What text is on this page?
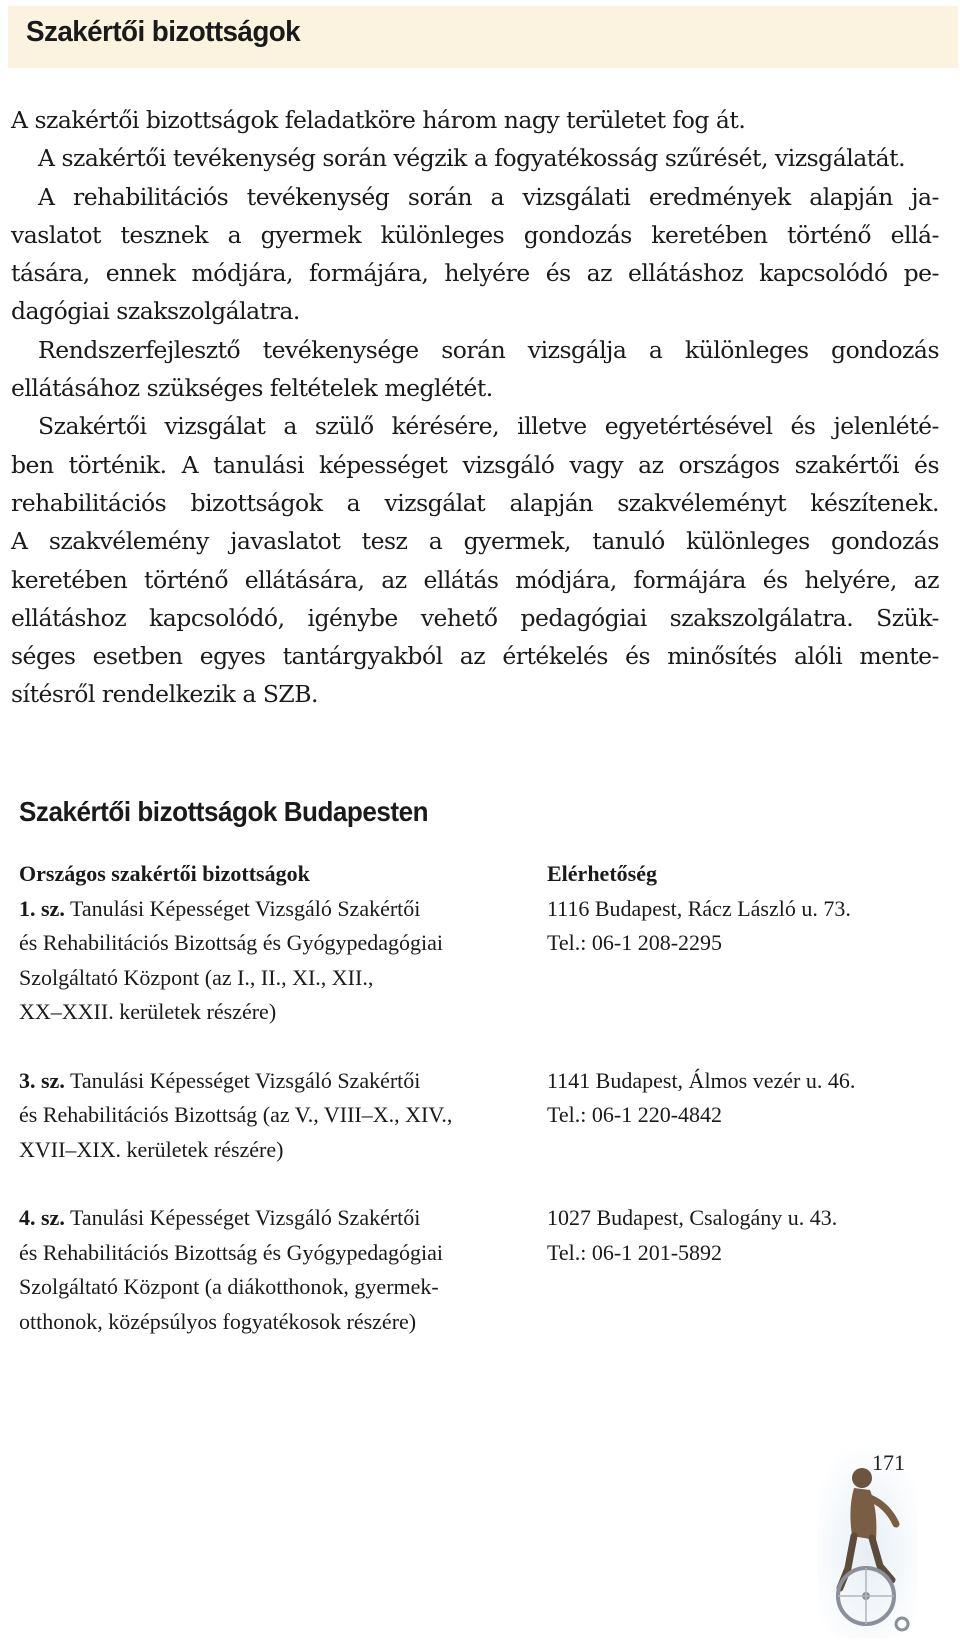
Szakértői bizottságok

A szakértői bizottságok feladatköre három nagy területet fog át.

A szakértői tevékenység során végzik a fogyatékosság szűrését, vizsgálatát.

A rehabilitációs tevékenység során a vizsgálati eredmények alapján ja-
vaslatot tesznek a gyermek különleges gondozás keretében történő ellá-
tására, ennek módjára, formájára, helyére és az ellátáshoz kapcsolódó pe-
dagógiai szakszolgálatra.

Rendszerfejlesztő tevékenysége során vizsgálja a különleges gondozás
ellátásához szükséges feltételek meglétét.

Szakértői vizsgálat a szülő kérésére, illetve egyetértésével és jelenlété-
ben történik. A tanulási képességet vizsgáló vagy az országos szakértői és
rehabilitációs bizottságok a vizsgálat alapján szakvéleményt készítenek.
A szakvélemény javaslatot tesz a gyermek, tanuló különleges gondozás
keretében történő ellátására, az ellátás módjára, formájára és helyére, az
ellátáshoz kapcsolódó, igénybe vehető pedagógiai szakszolgálatra. Szük-
séges esetben egyes tantárgyakból az értékelés és minősítés alóli mente-
sítésről rendelkezik a SZB.

Szakértői bizottságok Budapesten
Országos szakértői bizottságok	Elérhetőség
1. sz. Tanulási Képességet Vizsgáló Szakértői
és Rehabilitációs Bizottság és Gyógypedagógiai
Szolgáltató Központ (az I., II., XI., XII.,
XX–XXII. kerületek részére)
1116 Budapest, Rácz László u. 73.
Tel.: 06-1 208-2295
3. sz. Tanulási Képességet Vizsgáló Szakértői
és Rehabilitációs Bizottság (az V., VIII–X., XIV.,
XVII–XIX. kerületek részére)
1141 Budapest, Álmos vezér u. 46.
Tel.: 06-1 220-4842
4. sz. Tanulási Képességet Vizsgáló Szakértői
és Rehabilitációs Bizottság és Gyógypedagógiai
Szolgáltató Központ (a diákotthonok, gyermek-
otthonok, középsúlyos fogyatékosok részére)
1027 Budapest, Csalogány u. 43.
Tel.: 06-1 201-5892
171
